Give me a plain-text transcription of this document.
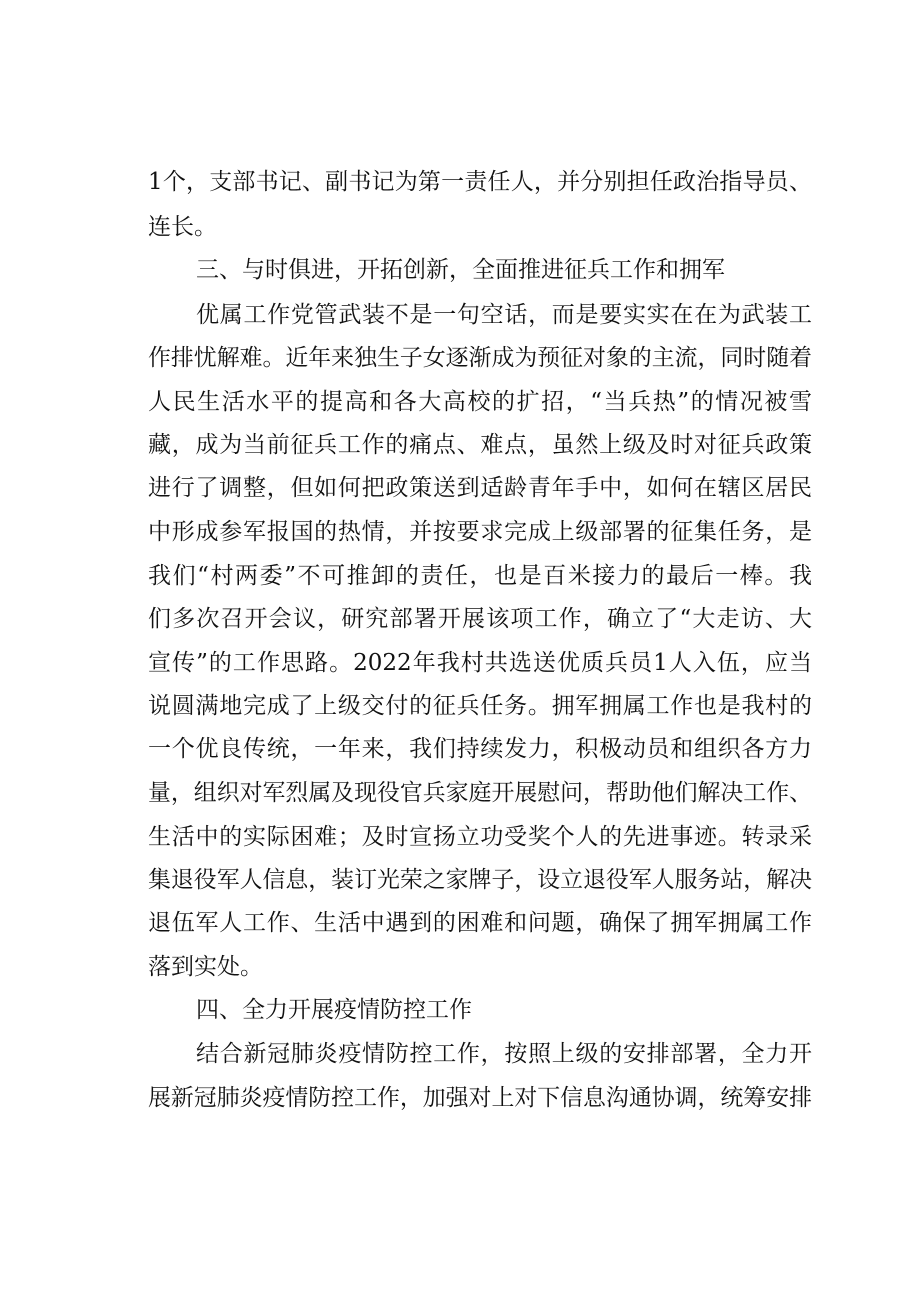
1个，支部书记、副书记为第一责任人，并分别担任政治指导员、
连长。
三、与时俱进，开拓创新，全面推进征兵工作和拥军
优属工作党管武装不是一句空话，而是要实实在在为武装工
作排忧解难。近年来独生子女逐渐成为预征对象的主流，同时随着
人民生活水平的提高和各大高校的扩招，“当兵热”的情况被雪
藏，成为当前征兵工作的痛点、难点，虽然上级及时对征兵政策
进行了调整，但如何把政策送到适龄青年手中，如何在辖区居民
中形成参军报国的热情，并按要求完成上级部署的征集任务，是
我们“村两委”不可推卸的责任，也是百米接力的最后一棒。我
们多次召开会议，研究部署开展该项工作，确立了“大走访、大
宣传”的工作思路。2022年我村共选送优质兵员1人入伍，应当
说圆满地完成了上级交付的征兵任务。拥军拥属工作也是我村的
一个优良传统，一年来，我们持续发力，积极动员和组织各方力
量，组织对军烈属及现役官兵家庭开展慰问，帮助他们解决工作、
生活中的实际困难；及时宣扬立功受奖个人的先进事迹。转录采
集退役军人信息，装订光荣之家牌子，设立退役军人服务站，解决
退伍军人工作、生活中遇到的困难和问题，确保了拥军拥属工作
落到实处。
四、全力开展疫情防控工作
结合新冠肺炎疫情防控工作，按照上级的安排部署，全力开
展新冠肺炎疫情防控工作，加强对上对下信息沟通协调，统筹安排
